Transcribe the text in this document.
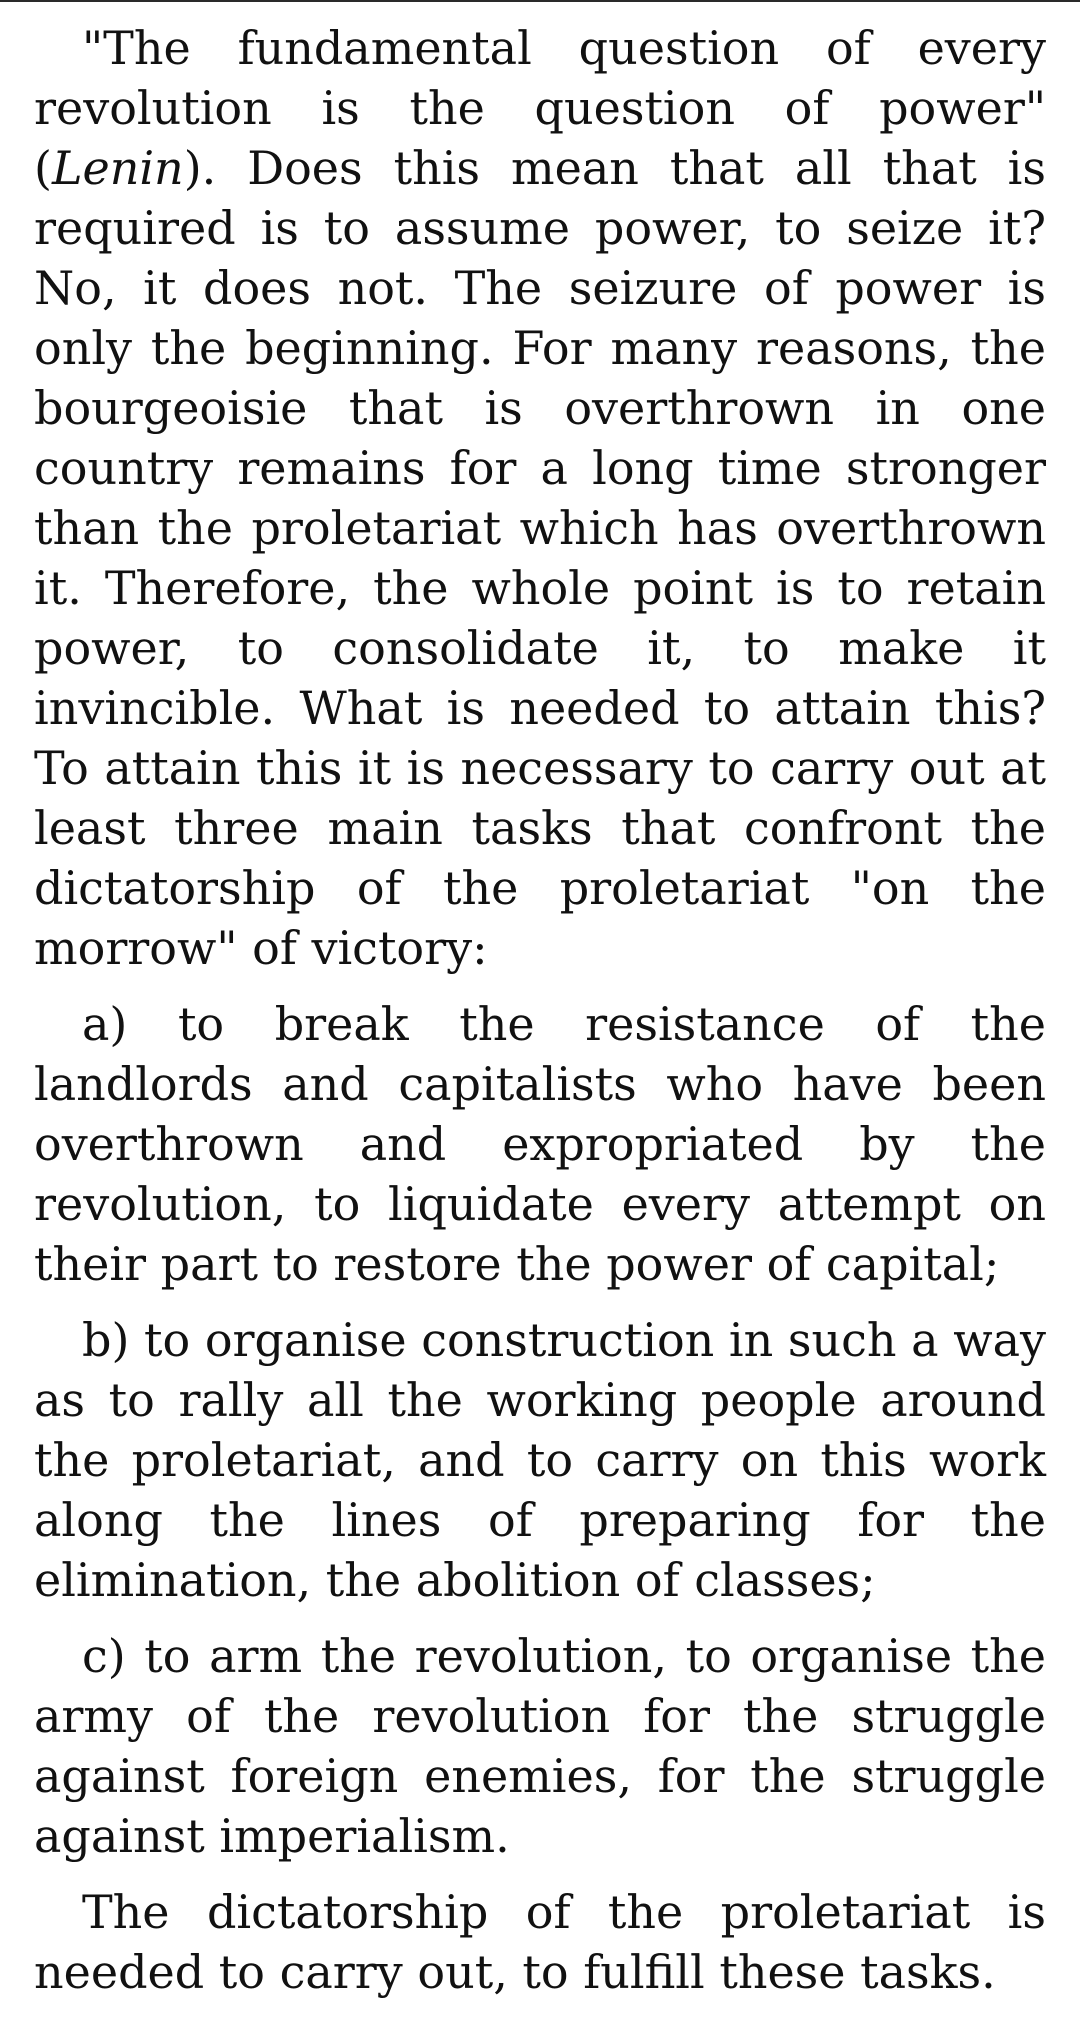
"The fundamental question of every revolution is the question of power" (Lenin). Does this mean that all that is required is to assume power, to seize it? No, it does not. The seizure of power is only the beginning. For many reasons, the bourgeoisie that is overthrown in one country remains for a long time stronger than the proletariat which has overthrown it. Therefore, the whole point is to retain power, to consolidate it, to make it invincible. What is needed to attain this? To attain this it is necessary to carry out at least three main tasks that confront the dictatorship of the proletariat "on the morrow" of victory:

a) to break the resistance of the landlords and capitalists who have been overthrown and expropriated by the revolution, to liquidate every attempt on their part to restore the power of capital;

b) to organise construction in such a way as to rally all the working people around the proletariat, and to carry on this work along the lines of preparing for the elimination, the abolition of classes;

c) to arm the revolution, to organise the army of the revolution for the struggle against foreign enemies, for the struggle against imperialism.

The dictatorship of the proletariat is needed to carry out, to fulfill these tasks.
